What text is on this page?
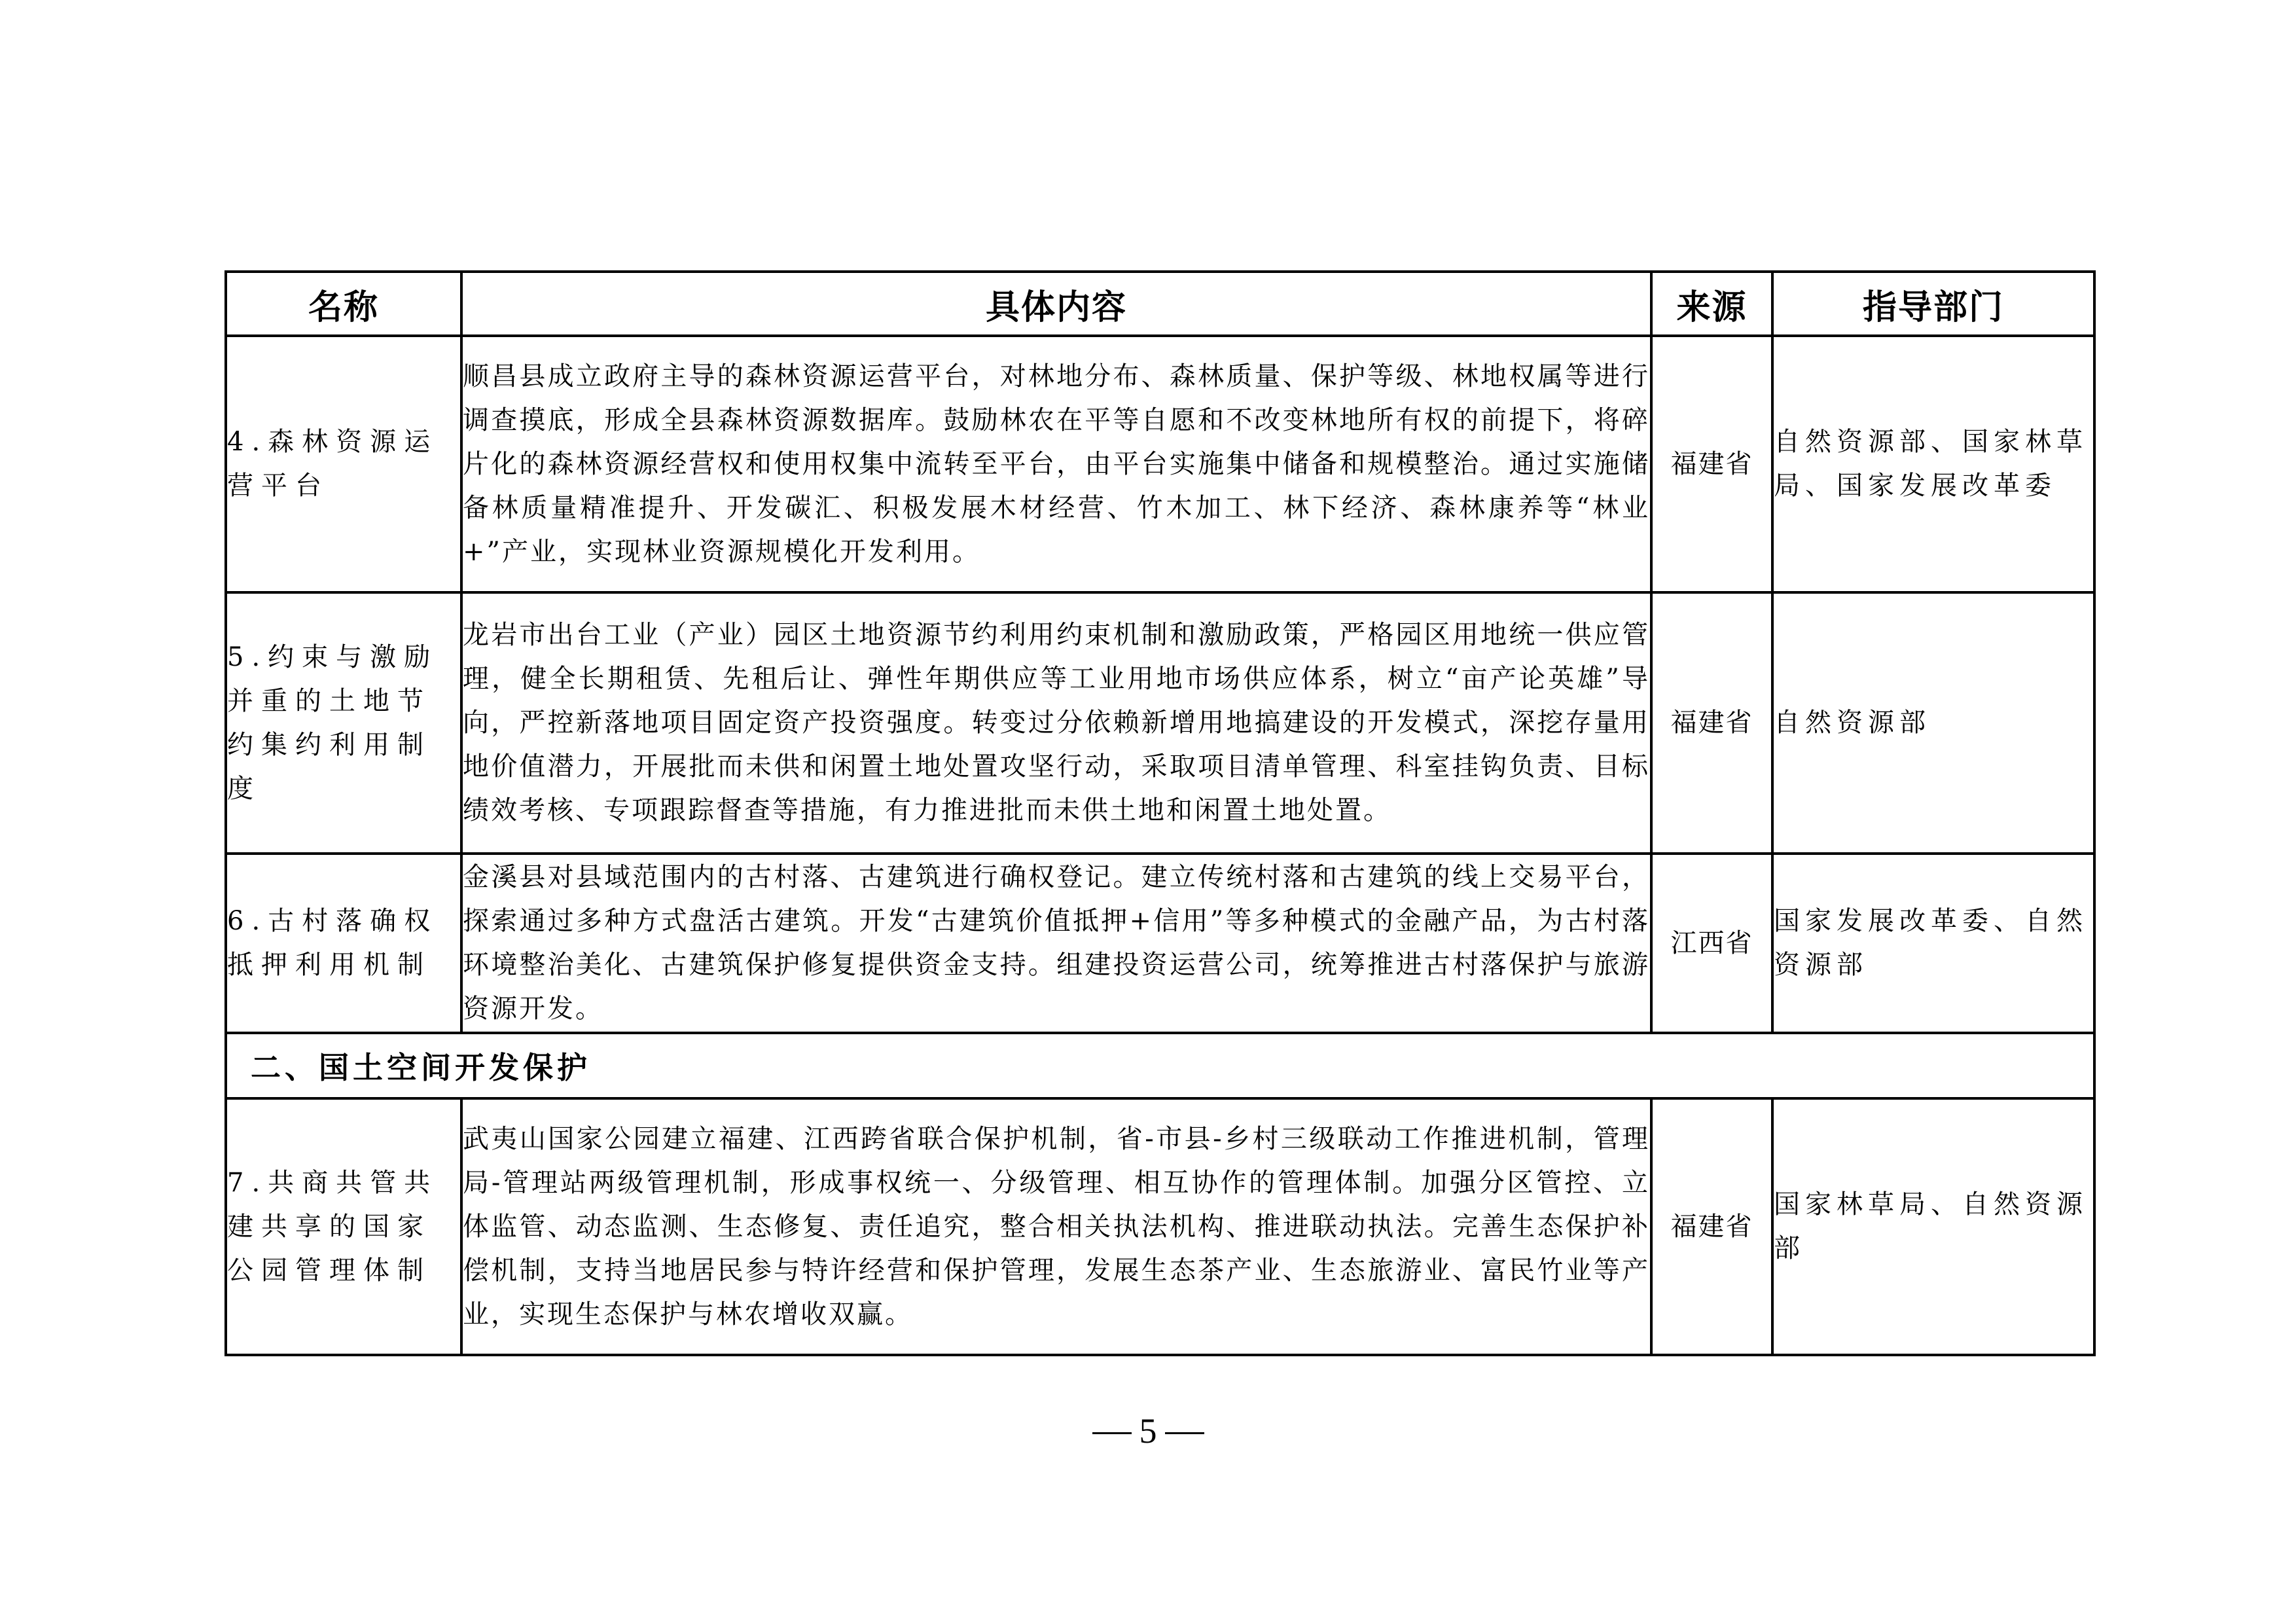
名称	具体内容	来源	指导部门

4.森林资源运营平台	顺昌县成立政府主导的森林资源运营平台，对林地分布、森林质量、保护等级、林地权属等进行调查摸底，形成全县森林资源数据库。鼓励林农在平等自愿和不改变林地所有权的前提下，将碎片化的森林资源经营权和使用权集中流转至平台，由平台实施集中储备和规模整治。通过实施储备林质量精准提升、开发碳汇、积极发展木材经营、竹木加工、林下经济、森林康养等“林业+”产业，实现林业资源规模化开发利用。	福建省	自然资源部、国家林草局、国家发展改革委

5.约束与激励并重的土地节约集约利用制度	龙岩市出台工业（产业）园区土地资源节约利用约束机制和激励政策，严格园区用地统一供应管理，健全长期租赁、先租后让、弹性年期供应等工业用地市场供应体系，树立“亩产论英雄”导向，严控新落地项目固定资产投资强度。转变过分依赖新增用地搞建设的开发模式，深挖存量用地价值潜力，开展批而未供和闲置土地处置攻坚行动，采取项目清单管理、科室挂钩负责、目标绩效考核、专项跟踪督查等措施，有力推进批而未供土地和闲置土地处置。	福建省	自然资源部

6.古村落确权抵押利用机制	金溪县对县域范围内的古村落、古建筑进行确权登记。建立传统村落和古建筑的线上交易平台，探索通过多种方式盘活古建筑。开发“古建筑价值抵押+信用”等多种模式的金融产品，为古村落环境整治美化、古建筑保护修复提供资金支持。组建投资运营公司，统筹推进古村落保护与旅游资源开发。	江西省	国家发展改革委、自然资源部

二、国土空间开发保护			

7.共商共管共建共享的国家公园管理体制	武夷山国家公园建立福建、江西跨省联合保护机制，省-市县-乡村三级联动工作推进机制，管理局-管理站两级管理机制，形成事权统一、分级管理、相互协作的管理体制。加强分区管控、立体监管、动态监测、生态修复、责任追究，整合相关执法机构、推进联动执法。完善生态保护补偿机制，支持当地居民参与特许经营和保护管理，发展生态茶产业、生态旅游业、富民竹业等产业，实现生态保护与林农增收双赢。	福建省	国家林草局、自然资源部
5
